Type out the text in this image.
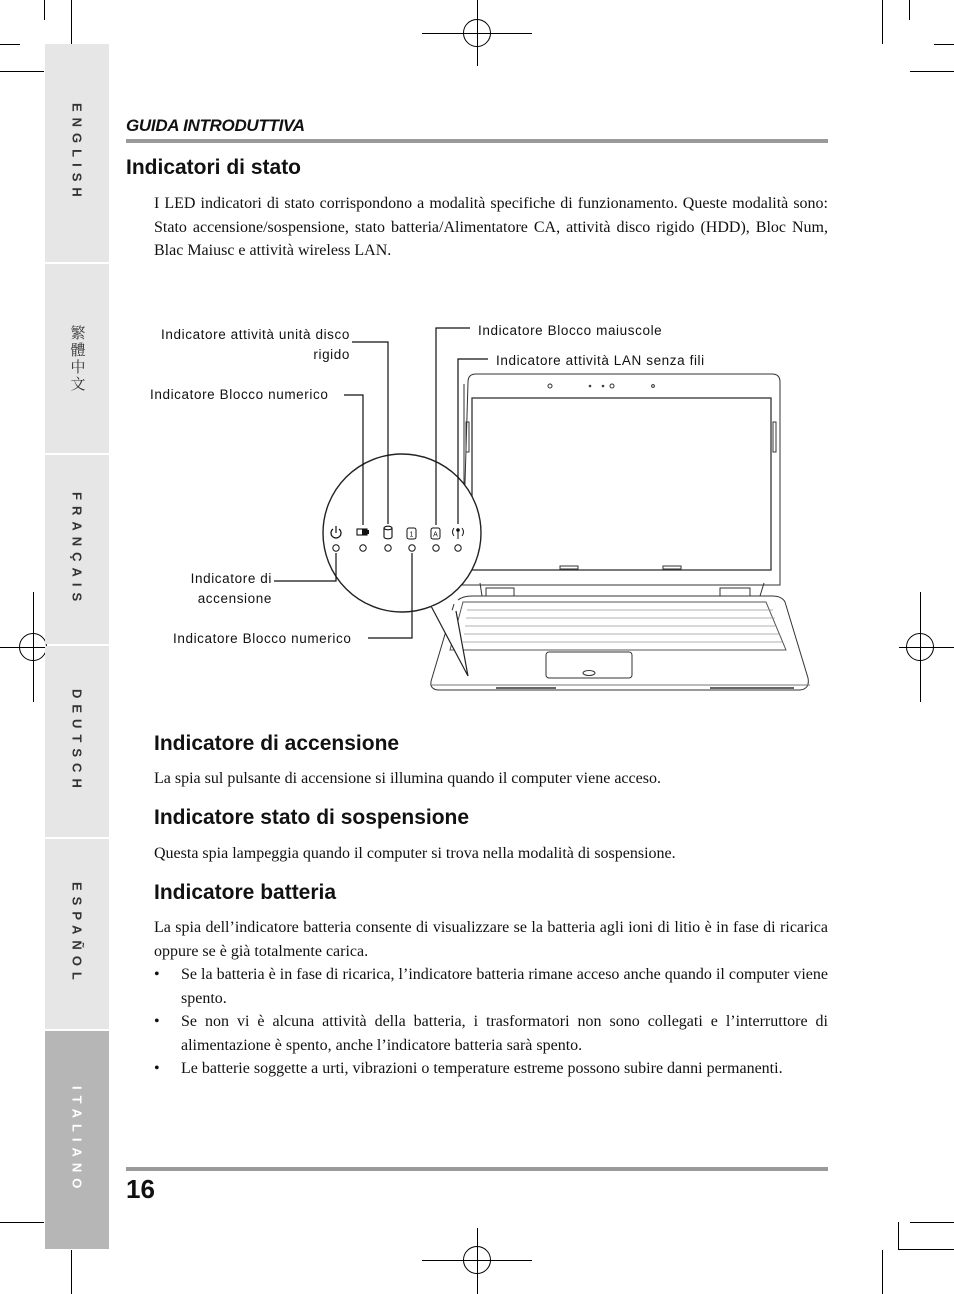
ENGLISH
繁體中文
FRANÇAIS
DEUTSCH
ESPAÑOL
ITALIANO
GUIDA INTRODUTTIVA
Indicatori di stato

I LED indicatori di stato corrispondono a modalità specifiche di funzionamento. Queste modalità sono: Stato accensione/sospensione, stato batteria/Alimentatore CA, attività disco rigido (HDD), Bloc Num, Blac Maiusc e attività wireless LAN.

1	A
Indicatore attività unità disco
rigido
Indicatore Blocco numerico
Indicatore Blocco maiuscole
Indicatore attività LAN senza fili
Indicatore di
accensione
Indicatore Blocco numerico
Indicatore di accensione

La spia sul pulsante di accensione si illumina quando il computer viene acceso.

Indicatore stato di sospensione

Questa spia lampeggia quando il computer si trova nella modalità di sospensione.

Indicatore batteria

La spia dell’indicatore batteria consente di visualizzare se la batteria agli ioni di litio è in fase di ricarica oppure se è già totalmente carica.

• Se la batteria è in fase di ricarica, l’indicatore batteria rimane acceso anche quando il computer viene spento.
• Se non vi è alcuna attività della batteria, i trasformatori non sono collegati e l’interruttore di alimentazione è spento, anche l’indicatore batteria sarà spento.
• Le batterie soggette a urti, vibrazioni o temperature estreme possono subire danni permanenti.
16
